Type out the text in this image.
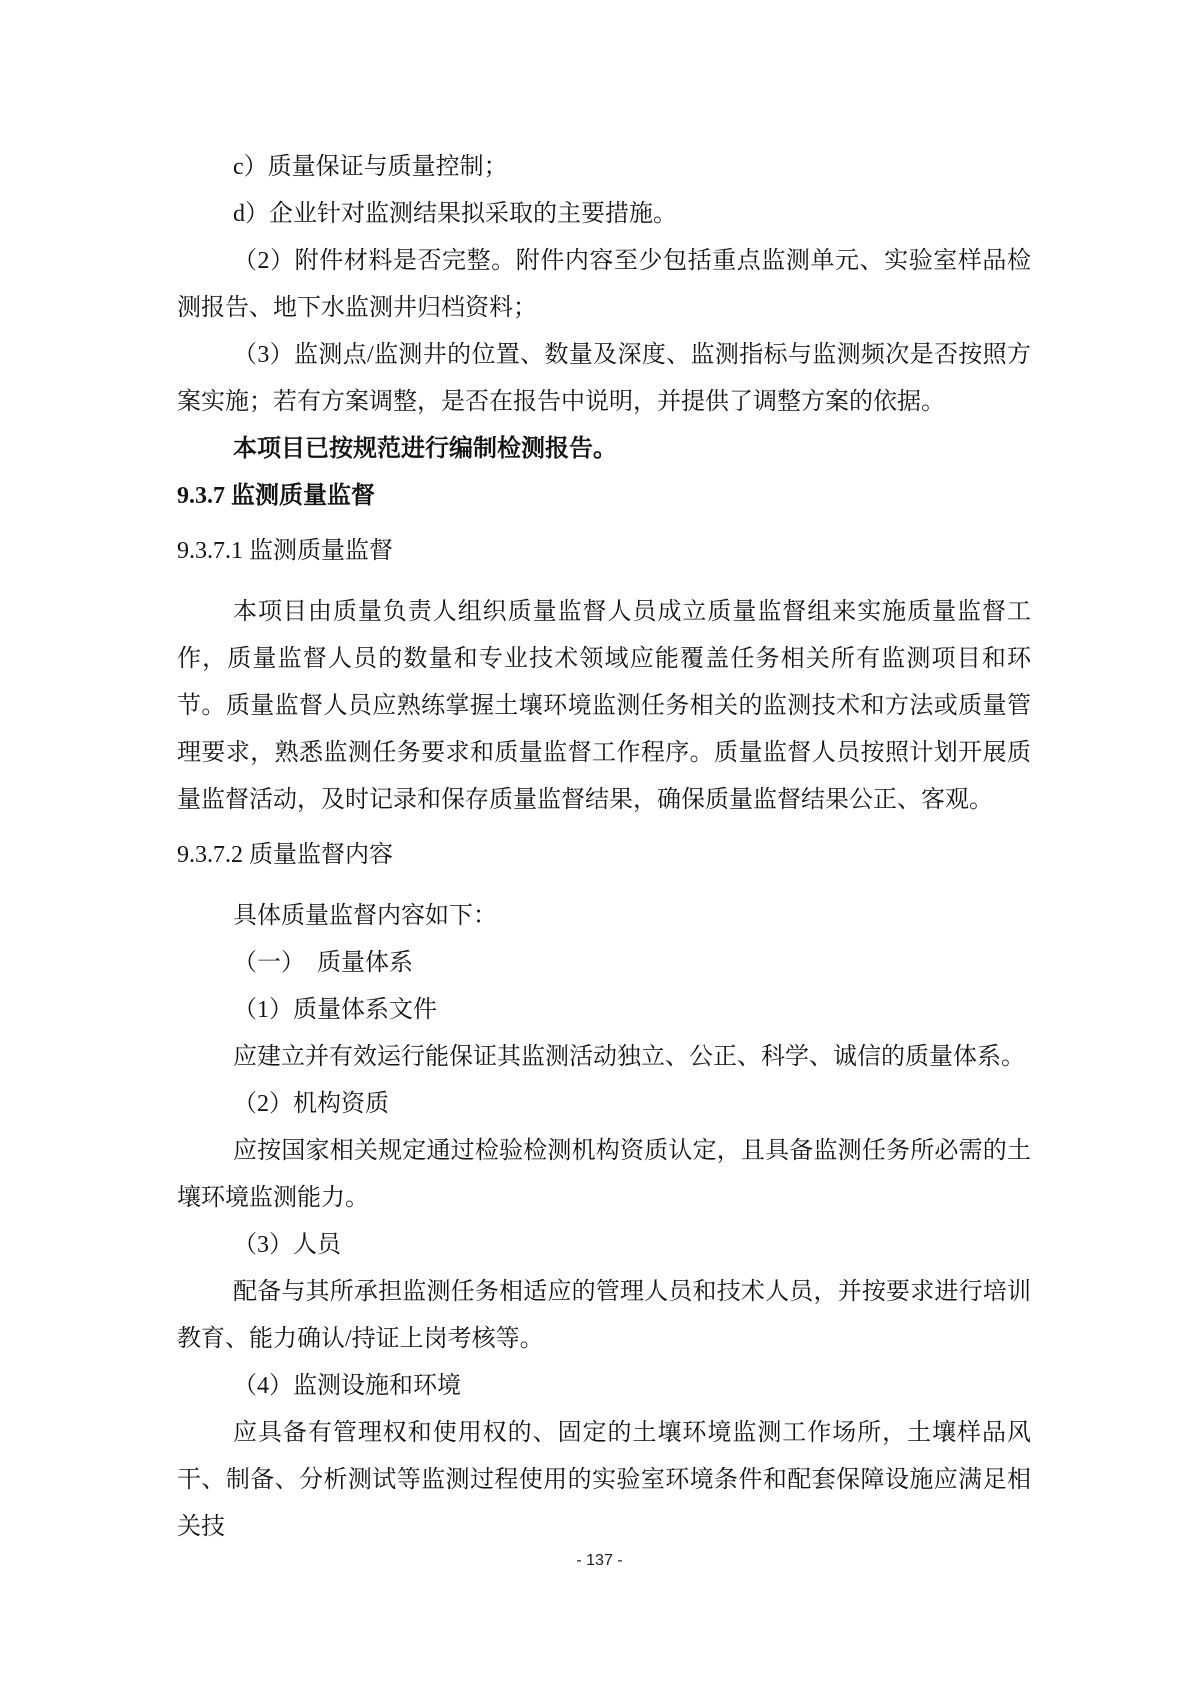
c）质量保证与质量控制；
d）企业针对监测结果拟采取的主要措施。
（2）附件材料是否完整。附件内容至少包括重点监测单元、实验室样品检测报告、地下水监测井归档资料；
（3）监测点/监测井的位置、数量及深度、监测指标与监测频次是否按照方案实施；若有方案调整，是否在报告中说明，并提供了调整方案的依据。
本项目已按规范进行编制检测报告。
9.3.7 监测质量监督
9.3.7.1 监测质量监督
本项目由质量负责人组织质量监督人员成立质量监督组来实施质量监督工作，质量监督人员的数量和专业技术领域应能覆盖任务相关所有监测项目和环节。质量监督人员应熟练掌握土壤环境监测任务相关的监测技术和方法或质量管理要求，熟悉监测任务要求和质量监督工作程序。质量监督人员按照计划开展质量监督活动，及时记录和保存质量监督结果，确保质量监督结果公正、客观。
9.3.7.2 质量监督内容
具体质量监督内容如下：
（一）　质量体系
（1）质量体系文件
应建立并有效运行能保证其监测活动独立、公正、科学、诚信的质量体系。
（2）机构资质
应按国家相关规定通过检验检测机构资质认定，且具备监测任务所必需的土壤环境监测能力。
（3）人员
配备与其所承担监测任务相适应的管理人员和技术人员，并按要求进行培训教育、能力确认/持证上岗考核等。
（4）监测设施和环境
应具备有管理权和使用权的、固定的土壤环境监测工作场所，土壤样品风干、制备、分析测试等监测过程使用的实验室环境条件和配套保障设施应满足相关技
- 137 -
